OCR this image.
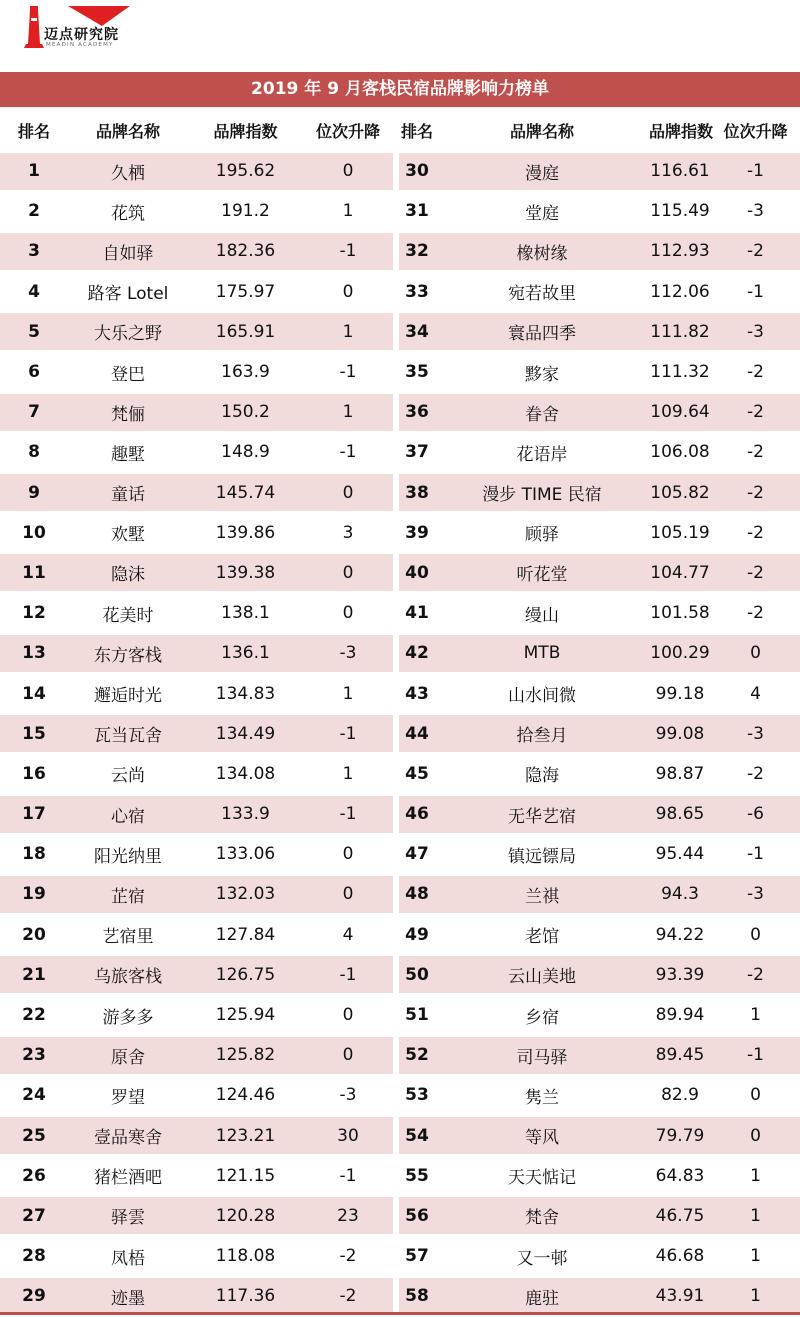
迈点研究院
MEADIN ACADEMY
2019 年 9 月客栈民宿品牌影响力榜单
排名	品牌名称	品牌指数	位次升降	排名	品牌名称	品牌指数 位次升降
1	久栖	195.62	0	30	漫庭	116.61	-1
2	花筑	191.2	1	31	堂庭	115.49	-3
3	自如驿	182.36	-1	32	橡树缘	112.93	-2
4	路客 Lotel	175.97	0	33	宛若故里	112.06	-1
5	大乐之野	165.91	1	34	寰品四季	111.82	-3
6	登巴	163.9	-1	35	黟家	111.32	-2
7	梵俪	150.2	1	36	眷舍	109.64	-2
8	趣墅	148.9	-1	37	花语岸	106.08	-2
9	童话	145.74	0	38	漫步 TIME 民宿	105.82	-2
10	欢墅	139.86	3	39	顾驿	105.19	-2
11	隐沫	139.38	0	40	听花堂	104.77	-2
12	花美时	138.1	0	41	缦山	101.58	-2
13	东方客栈	136.1	-3	42	MTB	100.29	0
14	邂逅时光	134.83	1	43	山水间微	99.18	4
15	瓦当瓦舍	134.49	-1	44	拾叁月	99.08	-3
16	云尚	134.08	1	45	隐海	98.87	-2
17	心宿	133.9	-1	46	无华艺宿	98.65	-6
18	阳光纳里	133.06	0	47	镇远镖局	95.44	-1
19	芷宿	132.03	0	48	兰祺	94.3	-3
20	艺宿里	127.84	4	49	老馆	94.22	0
21	乌旅客栈	126.75	-1	50	云山美地	93.39	-2
22	游多多	125.94	0	51	乡宿	89.94	1
23	原舍	125.82	0	52	司马驿	89.45	-1
24	罗望	124.46	-3	53	隽兰	82.9	0
25	壹品寒舍	123.21	30	54	等风	79.79	0
26	猪栏酒吧	121.15	-1	55	天天惦记	64.83	1
27	驿雲	120.28	23	56	梵舍	46.75	1
28	凤梧	118.08	-2	57	又一邨	46.68	1
29	迹墨	117.36	-2	58	鹿驻	43.91	1
